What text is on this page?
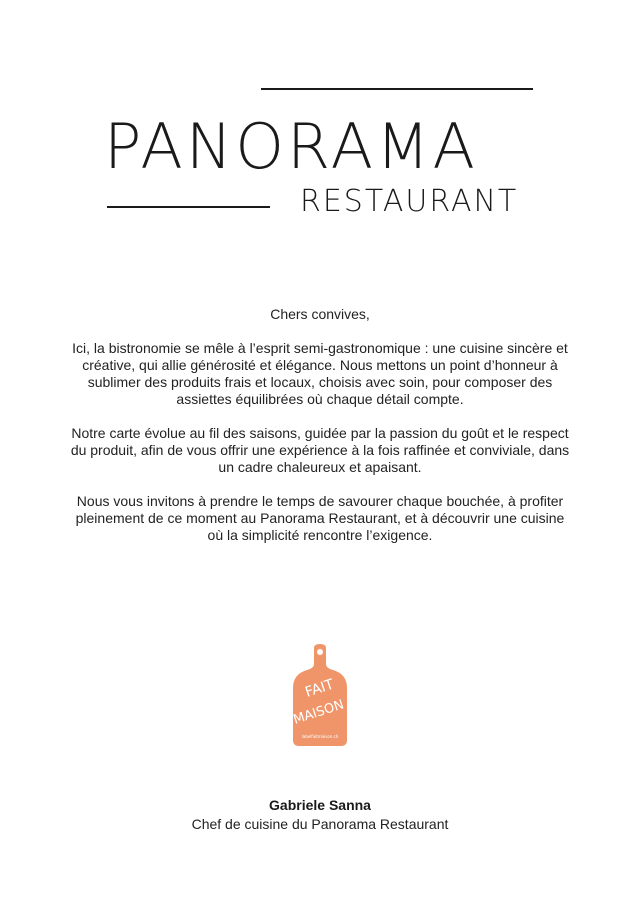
PANORAMA
RESTAURANT

Chers convives,

Ici, la bistronomie se mêle à l’esprit semi-gastronomique : une cuisine sincère et créative, qui allie générosité et élégance. Nous mettons un point d’honneur à sublimer des produits frais et locaux, choisis avec soin, pour composer des assiettes équilibrées où chaque détail compte.

Notre carte évolue au fil des saisons, guidée par la passion du goût et le respect du produit, afin de vous offrir une expérience à la fois raffinée et conviviale, dans un cadre chaleureux et apaisant.

Nous vous invitons à prendre le temps de savourer chaque bouchée, à profiter pleinement de ce moment au Panorama Restaurant, et à découvrir une cuisine où la simplicité rencontre l’exigence.

FAIT
MAISON
labelfaitmaison.ch
Gabriele Sanna
Chef de cuisine du Panorama Restaurant
